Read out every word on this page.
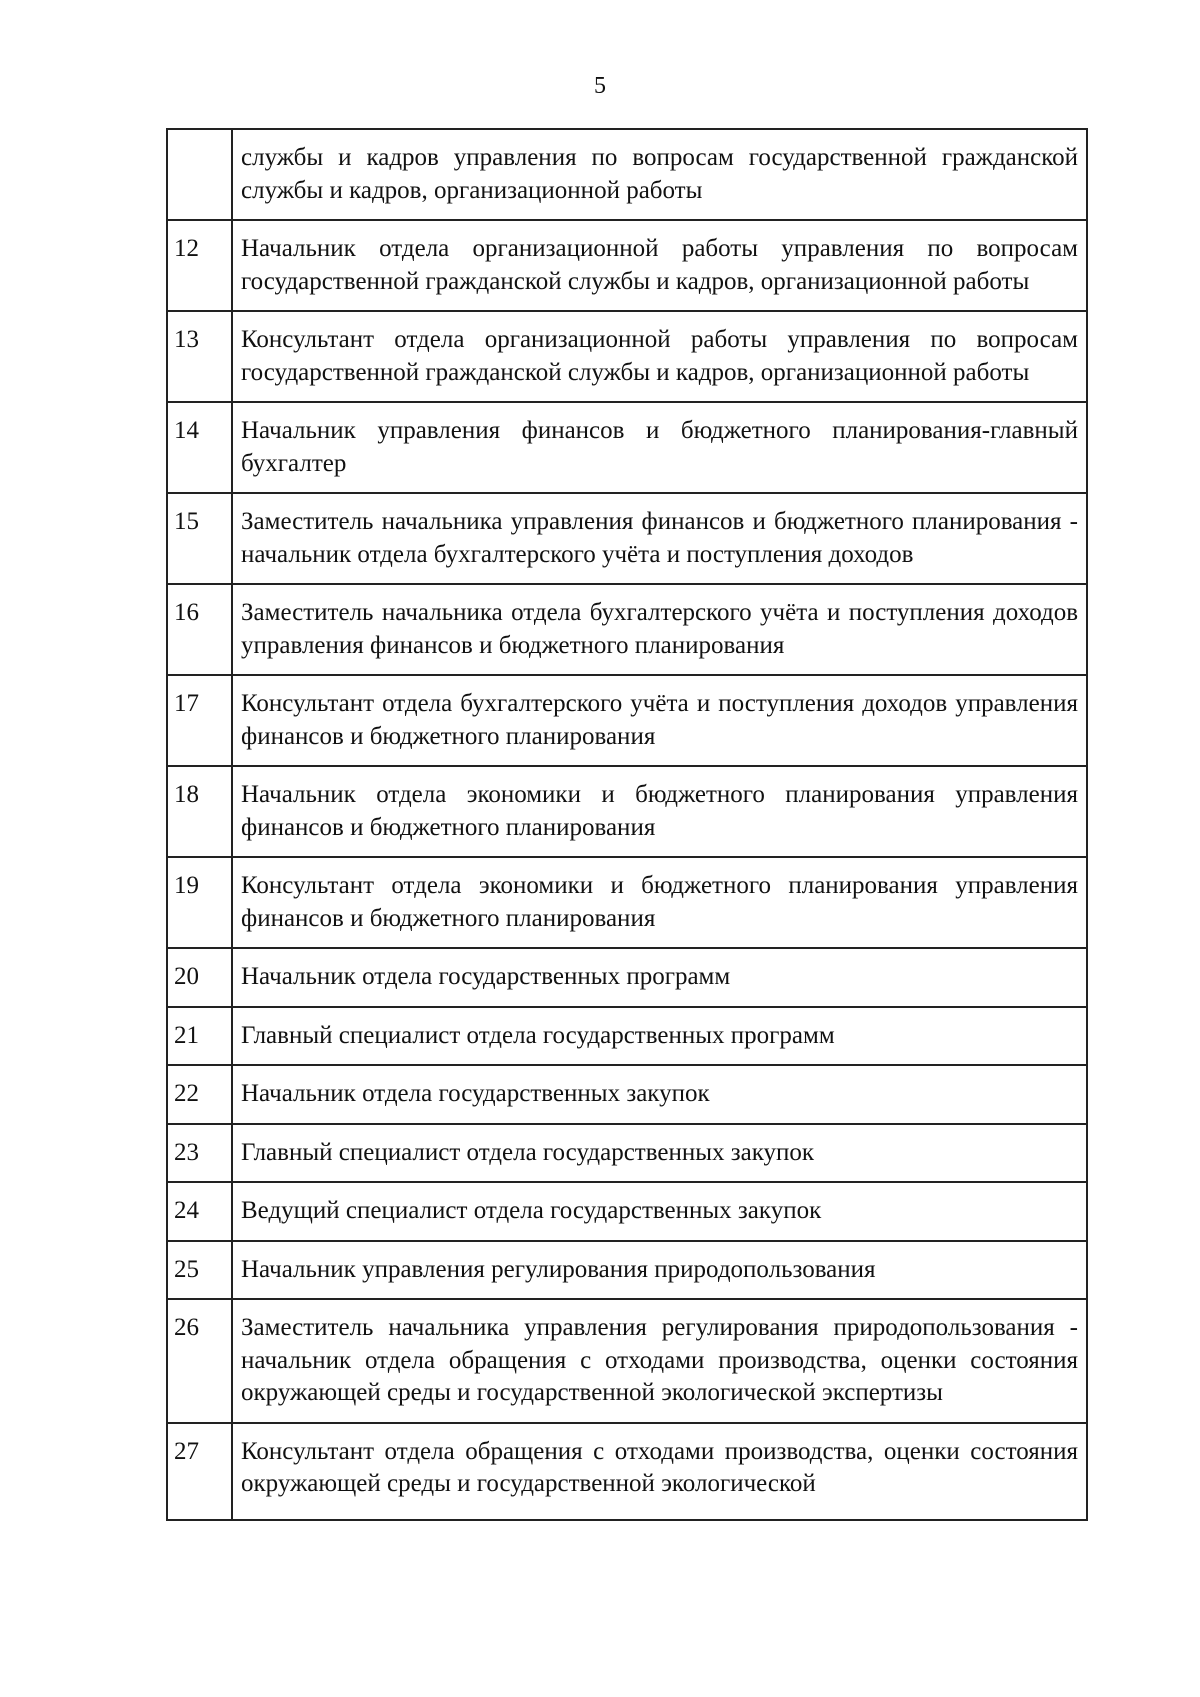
5
	службы и кадров управления по вопросам государственной гражданской службы и кадров, организационной работы
12	Начальник отдела организационной работы управления по вопросам государственной гражданской службы и кадров, организационной работы
13	Консультант отдела организационной работы управления по вопросам государственной гражданской службы и кадров, организационной работы
14	Начальник управления финансов и бюджетного планирования-главный бухгалтер
15	Заместитель начальника управления финансов и бюджетного планирования - начальник отдела бухгалтерского учёта и поступления доходов
16	Заместитель начальника отдела бухгалтерского учёта и поступления доходов управления финансов и бюджетного планирования
17	Консультант отдела бухгалтерского учёта и поступления доходов управления финансов и бюджетного планирования
18	Начальник отдела экономики и бюджетного планирования управления финансов и бюджетного планирования
19	Консультант отдела экономики и бюджетного планирования управления финансов и бюджетного планирования
20	Начальник отдела государственных программ
21	Главный специалист отдела государственных программ
22	Начальник отдела государственных закупок
23	Главный специалист отдела государственных закупок
24	Ведущий специалист отдела государственных закупок
25	Начальник управления регулирования природопользования
26	Заместитель начальника управления регулирования природопользования - начальник отдела обращения с отходами производства, оценки состояния окружающей среды и государственной экологической экспертизы
27	Консультант отдела обращения с отходами производства, оценки состояния окружающей среды и государственной экологической
